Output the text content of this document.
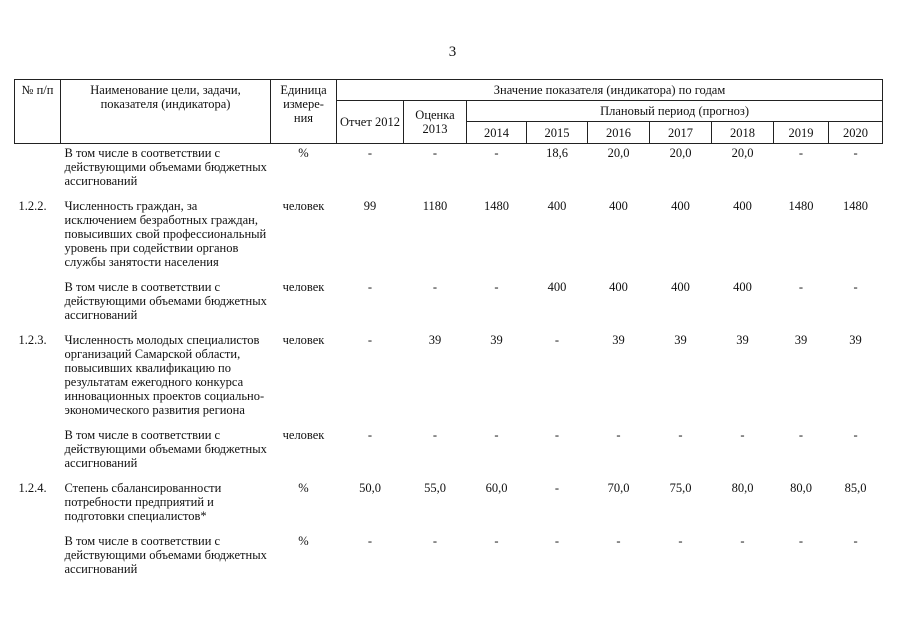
3
№ п/п	Наименование цели, задачи, показателя (индикатора)	Единица измере- ния	Значение показателя (индикатора) по годам								
			Отчет 2012	Оценка 2013	Плановый период (прогноз)						
					2014	2015	2016	2017	2018	2019	2020
	В том числе в соответствии с действующими объемами бюджетных ассигнований	%	-	-	-	18,6	20,0	20,0	20,0	-	-
1.2.2.	Численность граждан, за исключением безработных граждан, повысивших свой профессиональный уровень при содействии органов службы занятости населения	человек	99	1180	1480	400	400	400	400	1480	1480
	В том числе в соответствии с действующими объемами бюджетных ассигнований	человек	-	-	-	400	400	400	400	-	-
1.2.3.	Численность молодых специалистов организаций Самарской области, повысивших квалификацию по результатам ежегодного конкурса инновационных проектов социально-экономического развития региона	человек	-	39	39	-	39	39	39	39	39
	В том числе в соответствии с действующими объемами бюджетных ассигнований	человек	-	-	-	-	-	-	-	-	-
1.2.4.	Степень сбалансированности потребности предприятий и подготовки специалистов*	%	50,0	55,0	60,0	-	70,0	75,0	80,0	80,0	85,0
	В том числе в соответствии с действующими объемами бюджетных ассигнований	%	-	-	-	-	-	-	-	-	-
